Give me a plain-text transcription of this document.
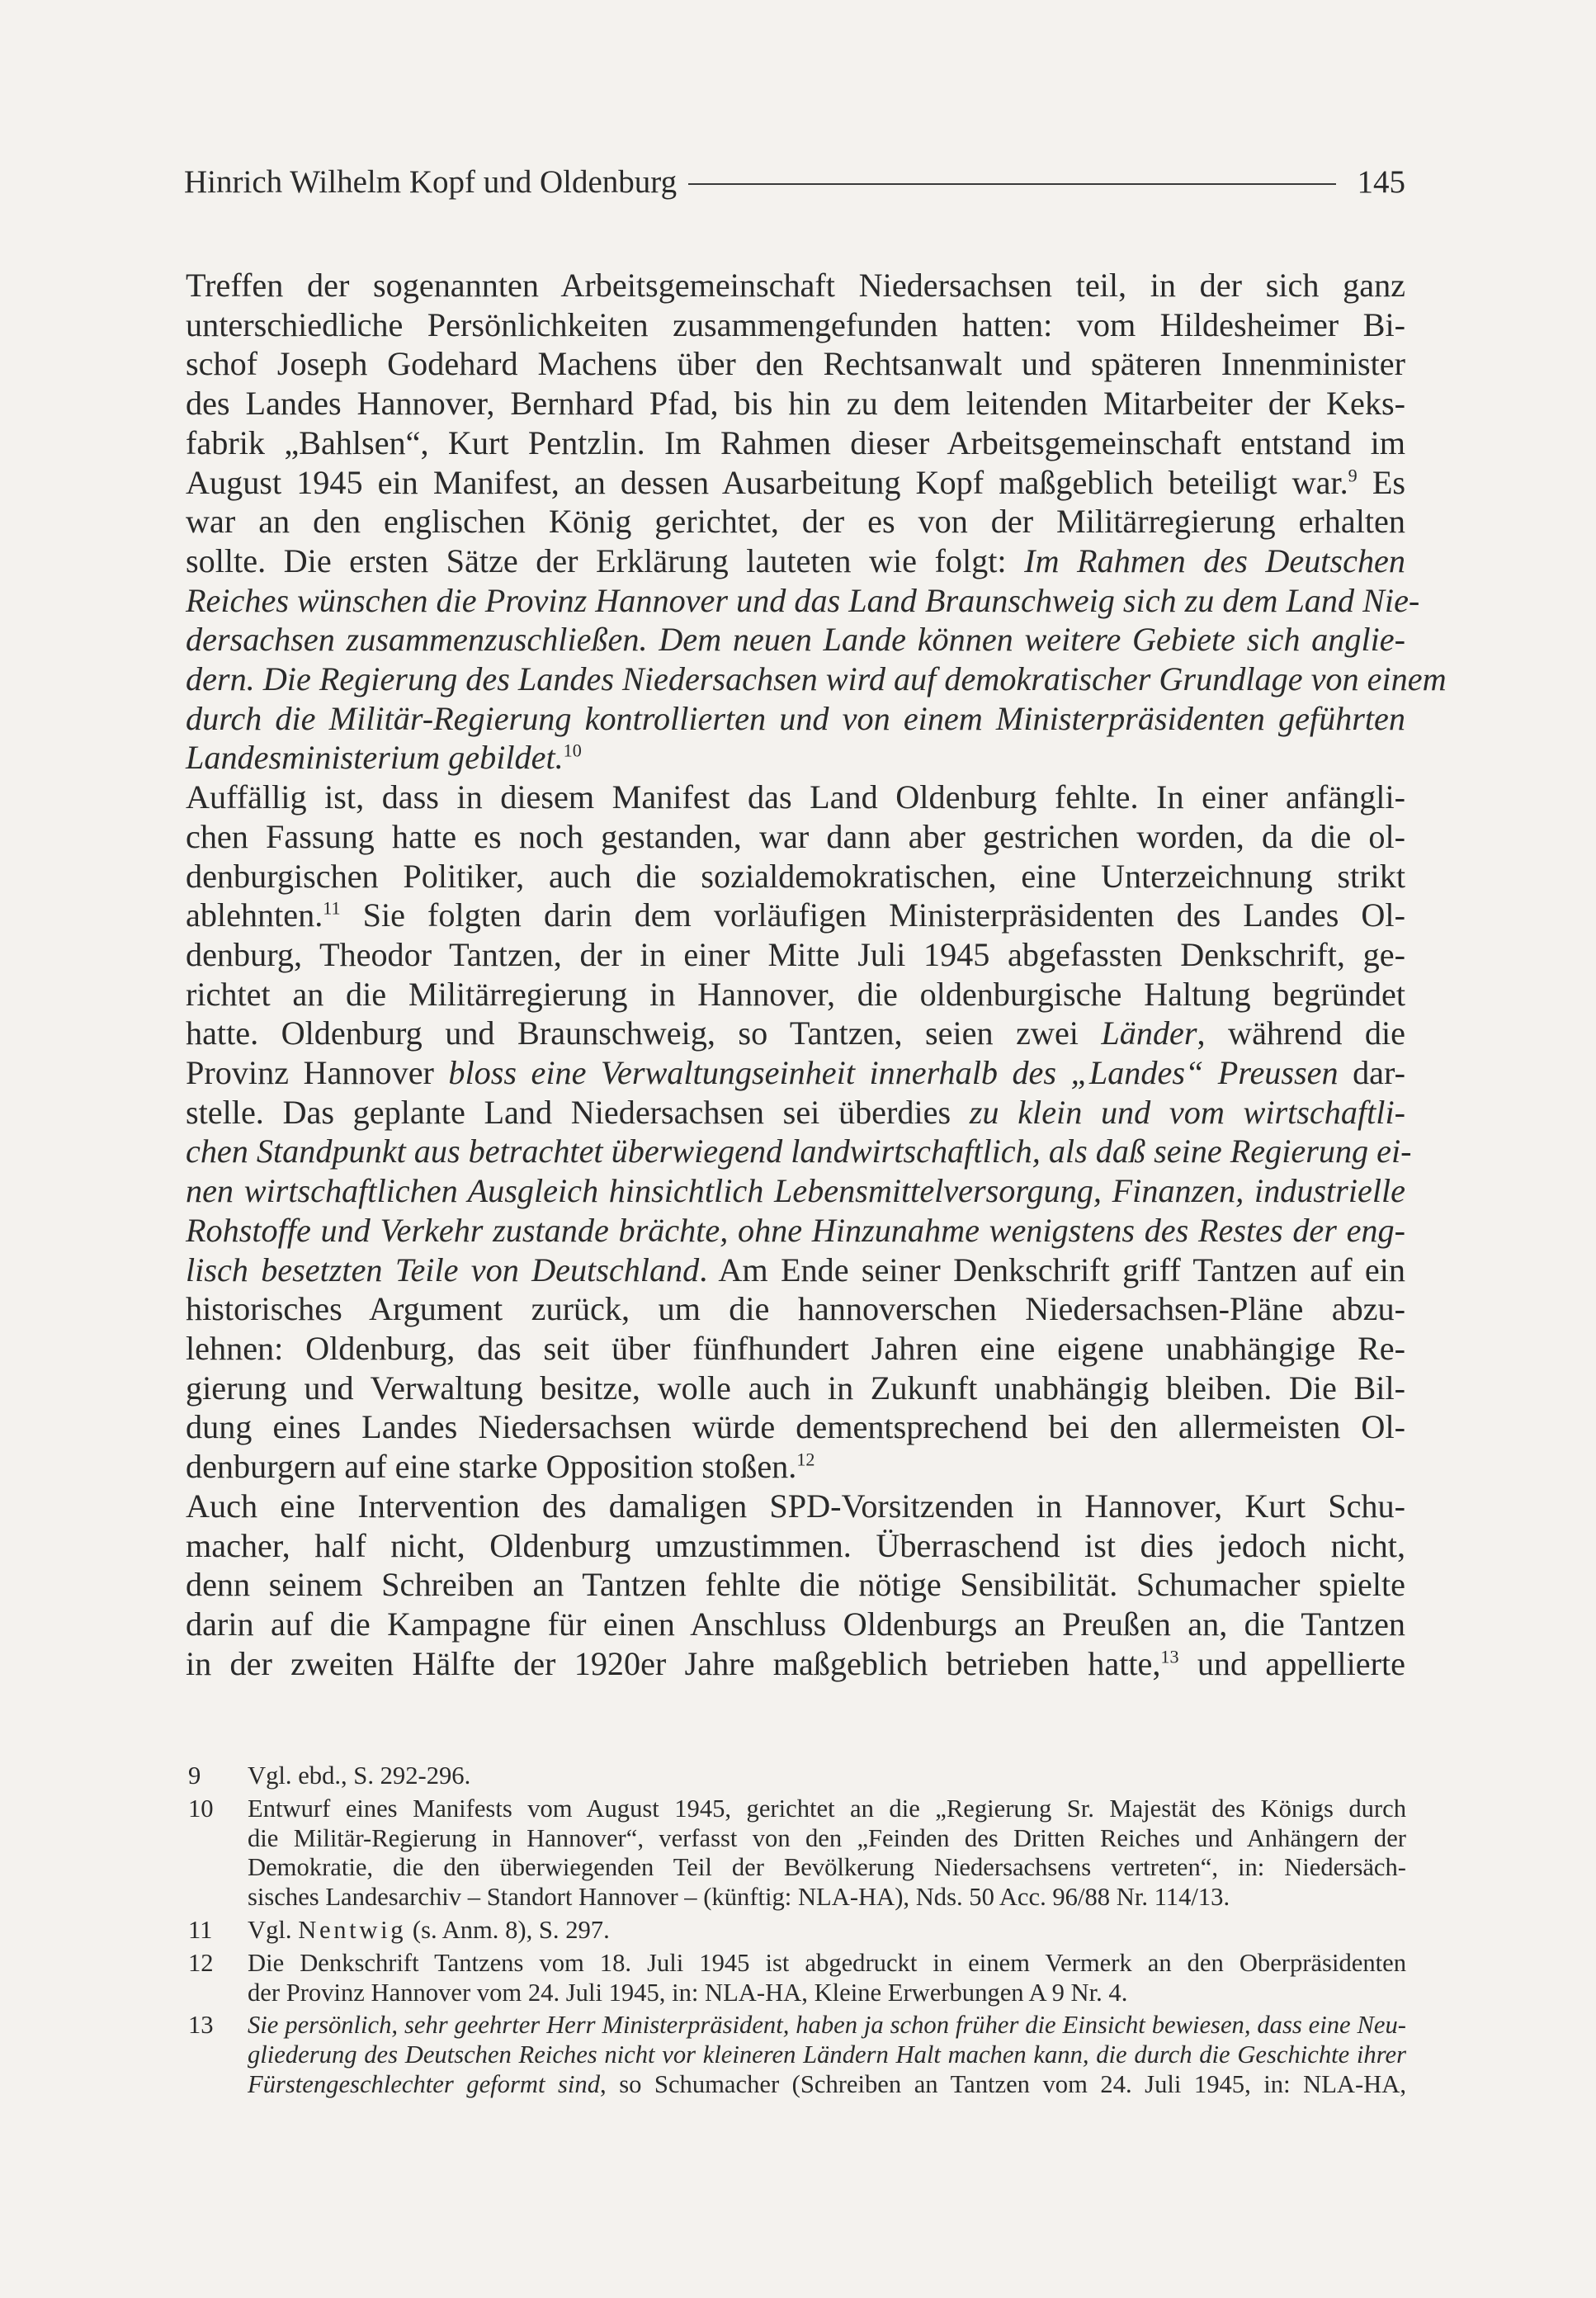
Hinrich Wilhelm Kopf und Oldenburg	145

Treffen der sogenannten Arbeitsgemeinschaft Niedersachsen teil, in der sich ganz
unterschiedliche Persönlichkeiten zusammengefunden hatten: vom Hildesheimer Bi-
schof Joseph Godehard Machens über den Rechtsanwalt und späteren Innenminister
des Landes Hannover, Bernhard Pfad, bis hin zu dem leitenden Mitarbeiter der Keks-
fabrik „Bahlsen“, Kurt Pentzlin. Im Rahmen dieser Arbeitsgemeinschaft entstand im
August 1945 ein Manifest, an dessen Ausarbeitung Kopf maßgeblich beteiligt war.$^9$ Es
war an den englischen König gerichtet, der es von der Militärregierung erhalten
sollte. Die ersten Sätze der Erklärung lauteten wie folgt: Im Rahmen des Deutschen
Reiches wünschen die Provinz Hannover und das Land Braunschweig sich zu dem Land Nie-
dersachsen zusammenzuschließen. Dem neuen Lande können weitere Gebiete sich anglie-
dern. Die Regierung des Landes Niedersachsen wird auf demokratischer Grundlage von einem
durch die Militär-Regierung kontrollierten und von einem Ministerpräsidenten geführten
Landesministerium gebildet.$^{10}$

Auffällig ist, dass in diesem Manifest das Land Oldenburg fehlte. In einer anfängli-
chen Fassung hatte es noch gestanden, war dann aber gestrichen worden, da die ol-
denburgischen Politiker, auch die sozialdemokratischen, eine Unterzeichnung strikt
ablehnten.$^{11}$ Sie folgten darin dem vorläufigen Ministerpräsidenten des Landes Ol-
denburg, Theodor Tantzen, der in einer Mitte Juli 1945 abgefassten Denkschrift, ge-
richtet an die Militärregierung in Hannover, die oldenburgische Haltung begründet
hatte. Oldenburg und Braunschweig, so Tantzen, seien zwei Länder, während die
Provinz Hannover bloss eine Verwaltungseinheit innerhalb des „Landes“ Preussen dar-
stelle. Das geplante Land Niedersachsen sei überdies zu klein und vom wirtschaftli-
chen Standpunkt aus betrachtet überwiegend landwirtschaftlich, als daß seine Regierung ei-
nen wirtschaftlichen Ausgleich hinsichtlich Lebensmittelversorgung, Finanzen, industrielle
Rohstoffe und Verkehr zustande brächte, ohne Hinzunahme wenigstens des Restes der eng-
lisch besetzten Teile von Deutschland. Am Ende seiner Denkschrift griff Tantzen auf ein
historisches Argument zurück, um die hannoverschen Niedersachsen-Pläne abzu-
lehnen: Oldenburg, das seit über fünfhundert Jahren eine eigene unabhängige Re-
gierung und Verwaltung besitze, wolle auch in Zukunft unabhängig bleiben. Die Bil-
dung eines Landes Niedersachsen würde dementsprechend bei den allermeisten Ol-
denburgern auf eine starke Opposition stoßen.$^{12}$

Auch eine Intervention des damaligen SPD-Vorsitzenden in Hannover, Kurt Schu-
macher, half nicht, Oldenburg umzustimmen. Überraschend ist dies jedoch nicht,
denn seinem Schreiben an Tantzen fehlte die nötige Sensibilität. Schumacher spielte
darin auf die Kampagne für einen Anschluss Oldenburgs an Preußen an, die Tantzen
in der zweiten Hälfte der 1920er Jahre maßgeblich betrieben hatte,$^{13}$ und appellierte

9	Vgl. ebd., S. 292-296.
10	Entwurf eines Manifests vom August 1945, gerichtet an die „Regierung Sr. Majestät des Königs durch
die Militär-Regierung in Hannover“, verfasst von den „Feinden des Dritten Reiches und Anhängern der
Demokratie, die den überwiegenden Teil der Bevölkerung Niedersachsens vertreten“, in: Niedersäch-
sisches Landesarchiv – Standort Hannover – (künftig: NLA-HA), Nds. 50 Acc. 96/88 Nr. 114/13.
11	Vgl. Nentwig (s. Anm. 8), S. 297.
12	Die Denkschrift Tantzens vom 18. Juli 1945 ist abgedruckt in einem Vermerk an den Oberpräsidenten
der Provinz Hannover vom 24. Juli 1945, in: NLA-HA, Kleine Erwerbungen A 9 Nr. 4.
13	Sie persönlich, sehr geehrter Herr Ministerpräsident, haben ja schon früher die Einsicht bewiesen, dass eine Neu-
gliederung des Deutschen Reiches nicht vor kleineren Ländern Halt machen kann, die durch die Geschichte ihrer
Fürstengeschlechter geformt sind, so Schumacher (Schreiben an Tantzen vom 24. Juli 1945, in: NLA-HA,
